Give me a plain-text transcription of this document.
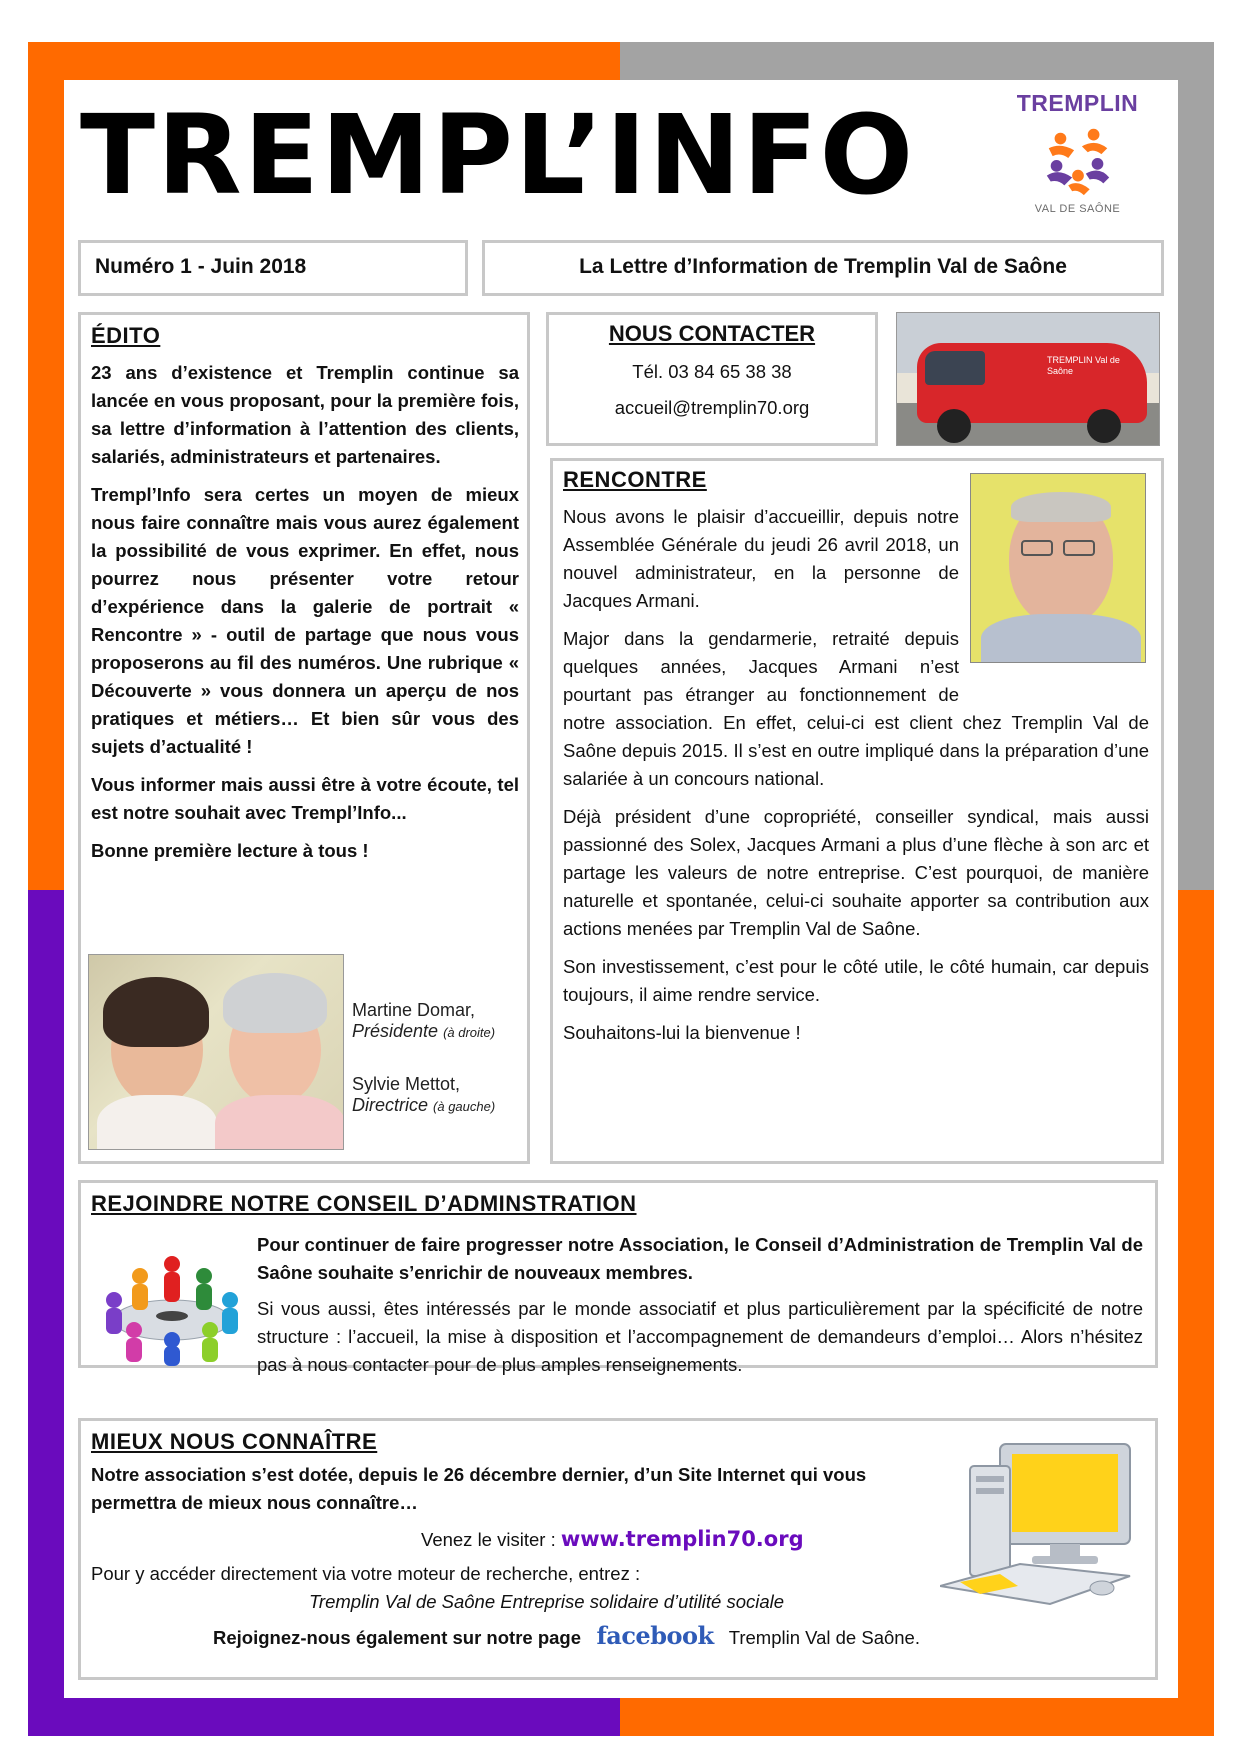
TREMPL’INFO	TREMPLIN
VAL DE SAÔNE
Numéro 1 - Juin 2018	La Lettre d’Information de Tremplin Val de Saône
ÉDITO

23 ans d’existence et Tremplin continue sa lancée en vous proposant, pour la première fois, sa lettre d’information à l’attention des clients, salariés, administrateurs et partenaires.

Trempl’Info sera certes un moyen de mieux nous faire connaître mais vous aurez également la possibilité de vous exprimer. En effet, nous pourrez nous présenter votre retour d’expérience dans la galerie de portrait « Rencontre » - outil de partage que nous vous proposerons au fil des numéros. Une rubrique « Découverte » vous donnera un aperçu de nos pratiques et métiers… Et bien sûr vous des sujets d’actualité !

Vous informer mais aussi être à votre écoute, tel est notre souhait avec Trempl’Info...

Bonne première lecture à tous !

Martine Domar,
Présidente (à droite)
Sylvie Mettot,
Directrice (à gauche)
NOUS CONTACTER
Tél. 03 84 65 38 38
accueil@tremplin70.org
TREMPLIN Val de Saône
RENCONTRE

Nous avons le plaisir d’accueillir, depuis notre Assemblée Générale du jeudi 26 avril 2018, un nouvel administrateur, en la personne de Jacques Armani.

Major dans la gendarmerie, retraité depuis quelques années, Jacques Armani n’est pourtant pas étranger au fonctionnement de notre association. En effet, celui-ci est client chez Tremplin Val de Saône depuis 2015. Il s’est en outre impliqué dans la préparation d’une salariée à un concours national.

Déjà président d’une copropriété, conseiller syndical, mais aussi passionné des Solex, Jacques Armani a plus d’une flèche à son arc et partage les valeurs de notre entreprise. C’est pourquoi, de manière naturelle et spontanée, celui-ci souhaite apporter sa contribution aux actions menées par Tremplin Val de Saône.

Son investissement, c’est pour le côté utile, le côté humain, car depuis toujours, il aime rendre service.

Souhaitons-lui la bienvenue !

REJOINDRE NOTRE CONSEIL D’ADMINSTRATION

Pour continuer de faire progresser notre Association, le Conseil d’Administration de Tremplin Val de Saône souhaite s’enrichir de nouveaux membres.

Si vous aussi, êtes intéressés par le monde associatif et plus particulièrement par la spécificité de notre structure : l’accueil, la mise à disposition et l’accompagnement de demandeurs d’emploi… Alors n’hésitez pas à nous contacter pour de plus amples renseignements.

MIEUX NOUS CONNAÎTRE

Notre association s’est dotée, depuis le 26 décembre dernier, d’un Site Internet qui vous permettra de mieux nous connaître…

Venez le visiter : www.tremplin70.org

Pour y accéder directement via votre moteur de recherche, entrez :

Tremplin Val de Saône Entreprise solidaire d’utilité sociale

Rejoignez-nous également sur notre page facebook Tremplin Val de Saône.
